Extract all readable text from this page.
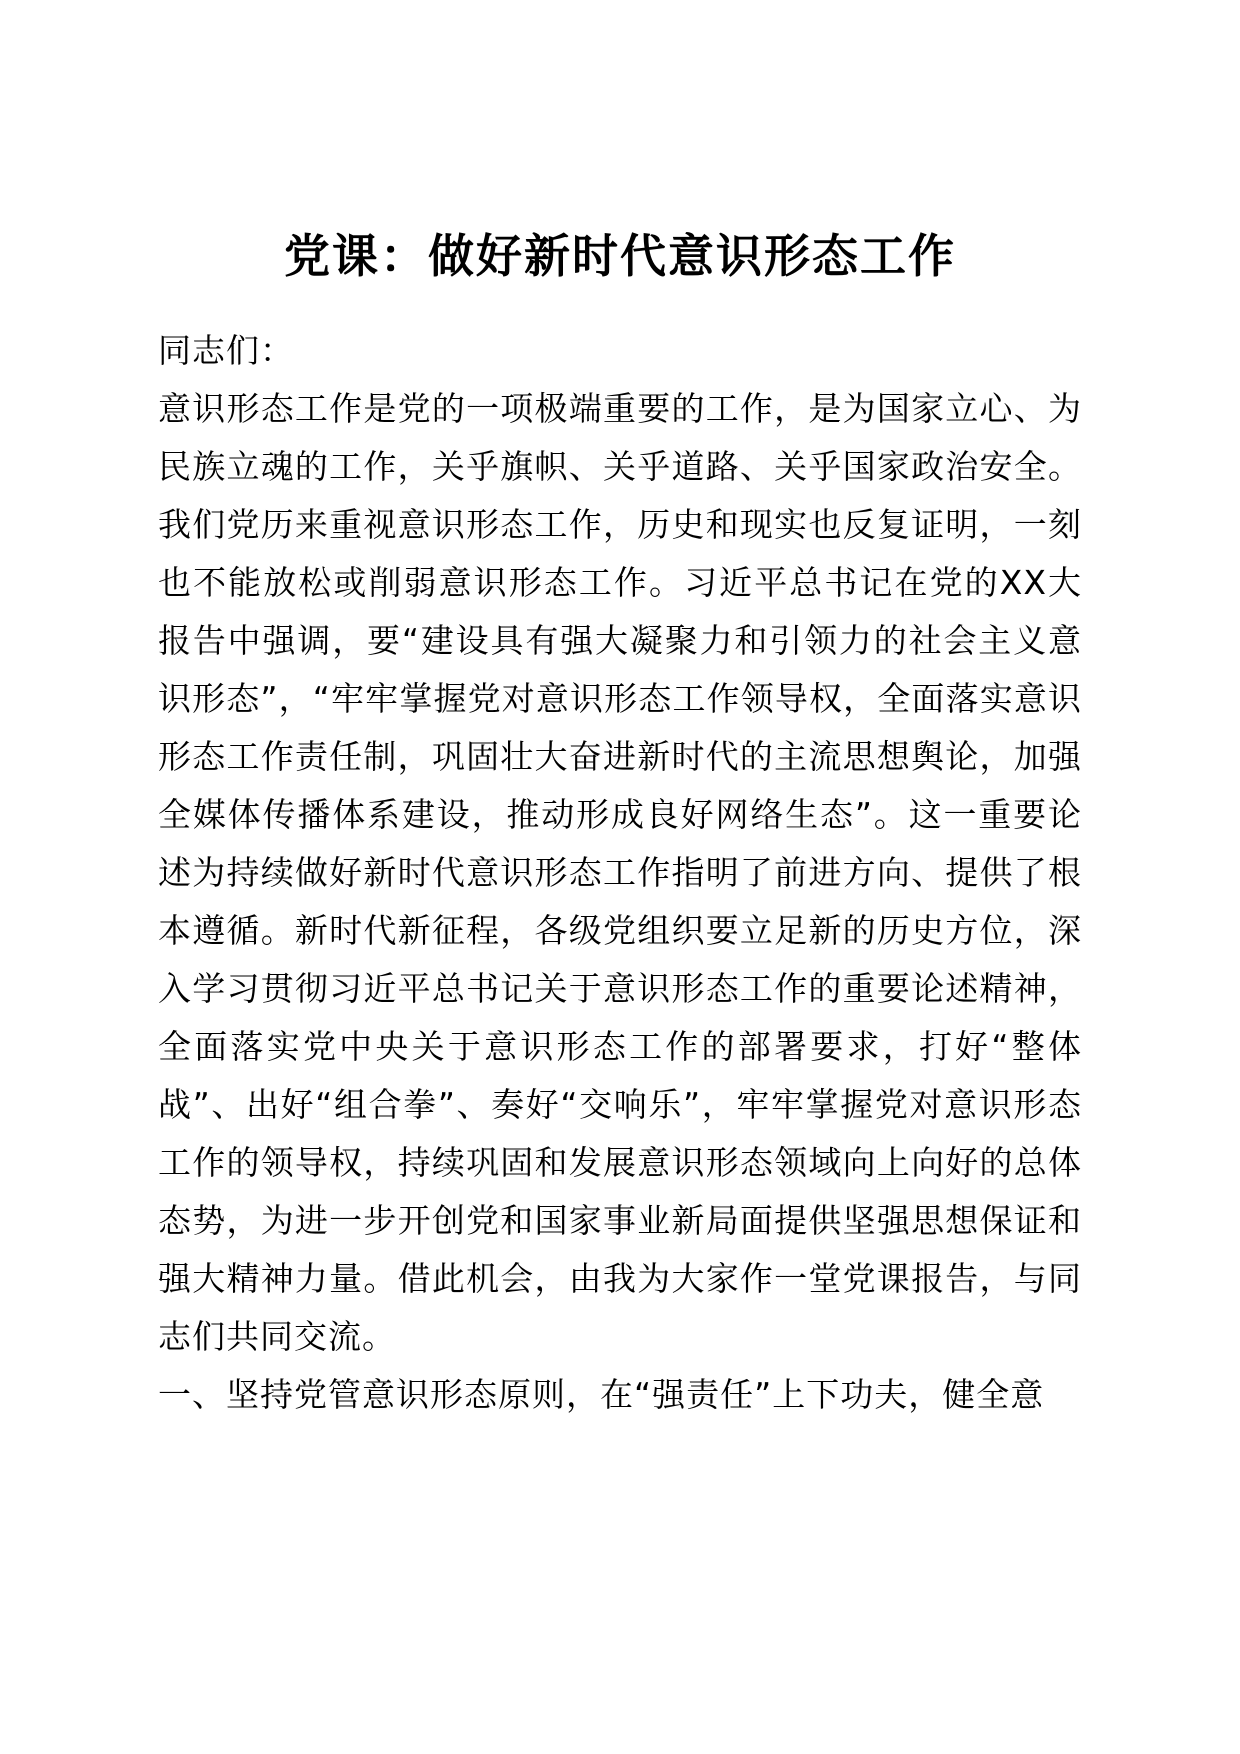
党课：做好新时代意识形态工作

同志们：

意识形态工作是党的一项极端重要的工作，是为国家立心、为民族立魂的工作，关乎旗帜、关乎道路、关乎国家政治安全。我们党历来重视意识形态工作，历史和现实也反复证明，一刻也不能放松或削弱意识形态工作。习近平总书记在党的XX大报告中强调，要“建设具有强大凝聚力和引领力的社会主义意识形态”，“牢牢掌握党对意识形态工作领导权，全面落实意识形态工作责任制，巩固壮大奋进新时代的主流思想舆论，加强全媒体传播体系建设，推动形成良好网络生态”。这一重要论述为持续做好新时代意识形态工作指明了前进方向、提供了根本遵循。新时代新征程，各级党组织要立足新的历史方位，深入学习贯彻习近平总书记关于意识形态工作的重要论述精神，全面落实党中央关于意识形态工作的部署要求，打好“整体战”、出好“组合拳”、奏好“交响乐”，牢牢掌握党对意识形态工作的领导权，持续巩固和发展意识形态领域向上向好的总体态势，为进一步开创党和国家事业新局面提供坚强思想保证和强大精神力量。借此机会，由我为大家作一堂党课报告，与同志们共同交流。

一、坚持党管意识形态原则，在“强责任”上下功夫，健全意
